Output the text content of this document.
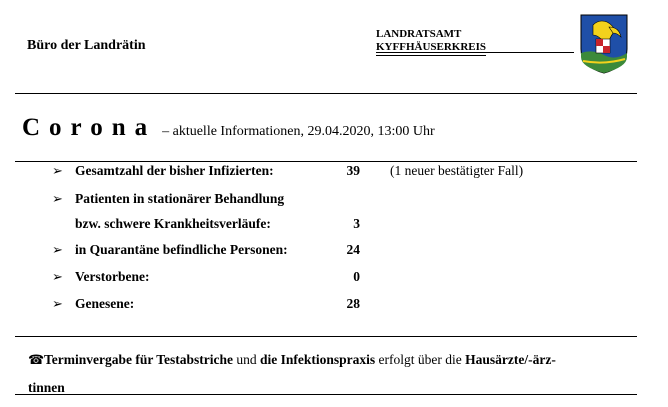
Büro der Landrätin
LANDRATSAMT
KYFFHÄUSERKREIS
Corona – aktuelle Informationen, 29.04.2020, 13:00 Uhr
➢ Gesamtzahl der bisher Infizierten:	39 (1 neuer bestätigter Fall)
➢ Patienten in stationärer Behandlung
bzw. schwere Krankheitsverläufe:	3
➢ in Quarantäne befindliche Personen:	24
➢ Verstorbene:	0
➢ Genesene:	28
☎Terminvergabe für Testabstriche und die Infektionspraxis erfolgt über die Hausärzte/-ärz-
tinnen
